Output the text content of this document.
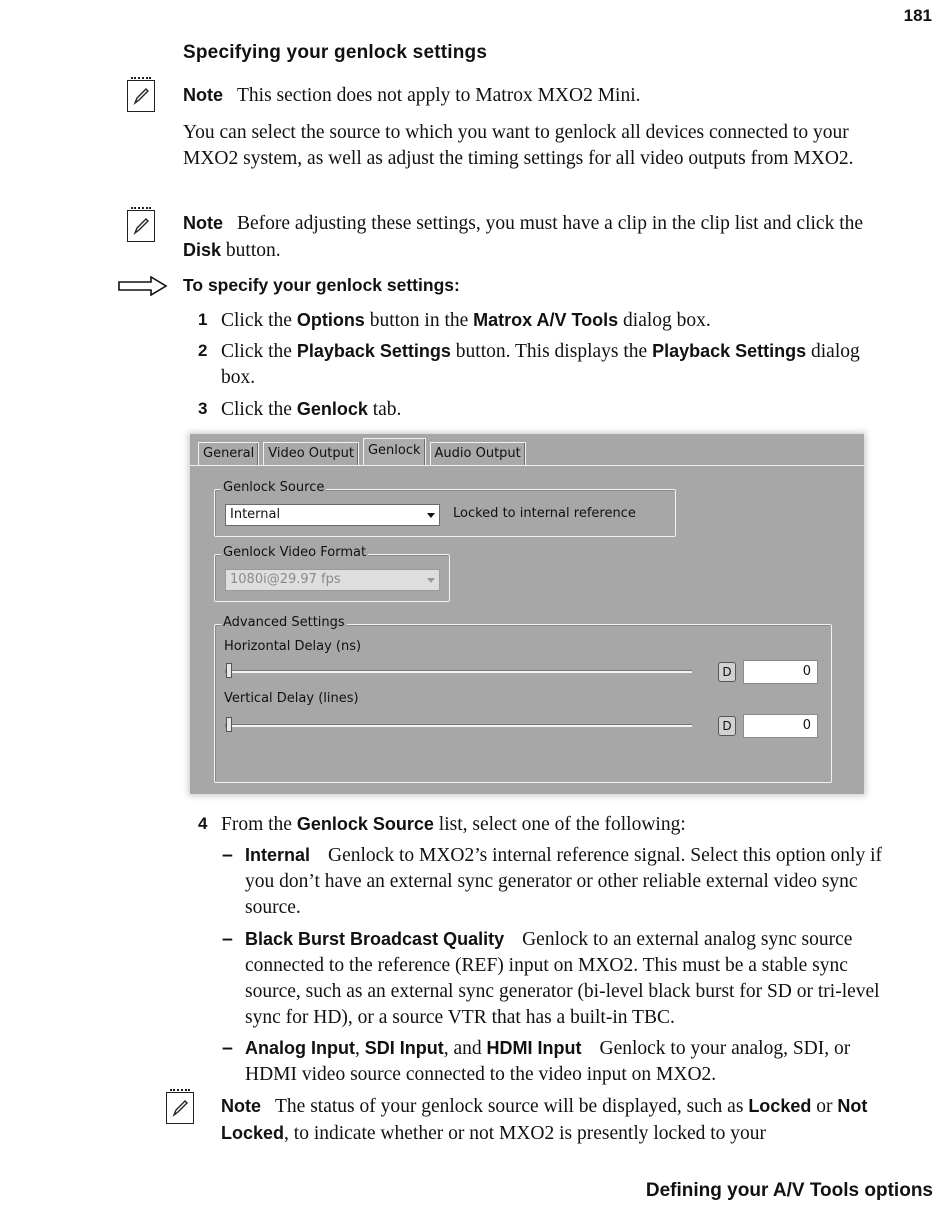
181
Specifying your genlock settings
Note This section does not apply to Matrox MXO2 Mini.
You can select the source to which you want to genlock all devices connected to your MXO2 system, as well as adjust the timing settings for all video outputs from MXO2.
Note Before adjusting these settings, you must have a clip in the clip list and click the Disk button.
To specify your genlock settings:
1 Click the Options button in the Matrox A/V Tools dialog box.
2 Click the Playback Settings button. This displays the Playback Settings dialog box.
3 Click the Genlock tab.
General	Video Output	Genlock	Audio Output
Genlock Source
Internal	Locked to internal reference
Genlock Video Format
1080i@29.97 fps
Advanced Settings
Horizontal Delay (ns)
D	0
Vertical Delay (lines)
D	0
4 From the Genlock Source list, select one of the following:
– Internal Genlock to MXO2’s internal reference signal. Select this option only if you don’t have an external sync generator or other reliable external video sync source.
– Black Burst Broadcast Quality Genlock to an external analog sync source connected to the reference (REF) input on MXO2. This must be a stable sync source, such as an external sync generator (bi-level black burst for SD or tri-level sync for HD), or a source VTR that has a built-in TBC.
– Analog Input, SDI Input, and HDMI Input Genlock to your analog, SDI, or HDMI video source connected to the video input on MXO2.
Note The status of your genlock source will be displayed, such as Locked or Not Locked, to indicate whether or not MXO2 is presently locked to your
Defining your A/V Tools options
